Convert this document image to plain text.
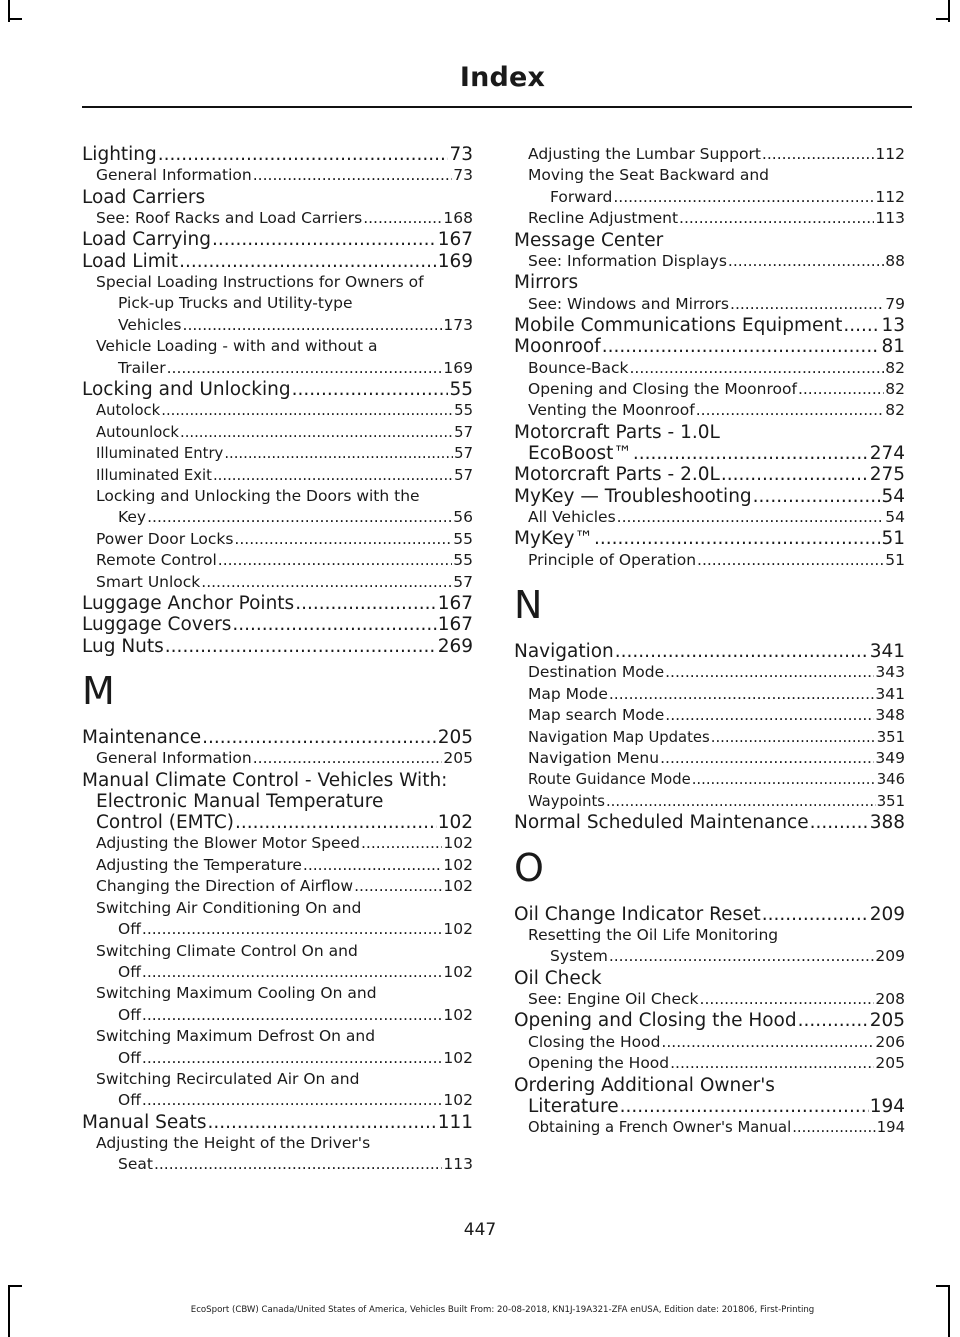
Index
Lighting .....	73
General Information .....	73
Load Carriers
See: Roof Racks and Load Carriers .....	168
Load Carrying .....	167
Load Limit .....	169
Special Loading Instructions for Owners of
Pick-up Trucks and Utility-type
Vehicles .....	173
Vehicle Loading - with and without a
Trailer .....	169
Locking and Unlocking .....	55
Autolock .....	55
Autounlock .....	57
Illuminated Entry .....	57
Illuminated Exit .....	57
Locking and Unlocking the Doors with the
Key .....	56
Power Door Locks .....	55
Remote Control .....	55
Smart Unlock .....	57
Luggage Anchor Points .....	167
Luggage Covers .....	167
Lug Nuts .....	269
M
Maintenance .....	205
General Information .....	205
Manual Climate Control - Vehicles With:
Electronic Manual Temperature
Control (EMTC) .....	102
Adjusting the Blower Motor Speed .....	102
Adjusting the Temperature .....	102
Changing the Direction of Airflow .....	102
Switching Air Conditioning On and
Off .....	102
Switching Climate Control On and
Off .....	102
Switching Maximum Cooling On and
Off .....	102
Switching Maximum Defrost On and
Off .....	102
Switching Recirculated Air On and
Off .....	102
Manual Seats .....	111
Adjusting the Height of the Driver's
Seat .....	113
Adjusting the Lumbar Support .....	112
Moving the Seat Backward and
Forward .....	112
Recline Adjustment .....	113
Message Center
See: Information Displays .....	88
Mirrors
See: Windows and Mirrors .....	79
Mobile Communications Equipment ..... 13
Moonroof .....	81
Bounce-Back .....	82
Opening and Closing the Moonroof .....	82
Venting the Moonroof .....	82
Motorcraft Parts - 1.0L
EcoBoost™ .....	274
Motorcraft Parts - 2.0L .....	275
MyKey — Troubleshooting .....	54
All Vehicles .....	54
MyKey™ .....	51
Principle of Operation .....	51
N
Navigation .....	341
Destination Mode .....	343
Map Mode .....	341
Map search Mode .....	348
Navigation Map Updates .....	351
Navigation Menu .....	349
Route Guidance Mode .....	346
Waypoints .....	351
Normal Scheduled Maintenance .....	388
O
Oil Change Indicator Reset .....	209
Resetting the Oil Life Monitoring
System .....	209
Oil Check
See: Engine Oil Check .....	208
Opening and Closing the Hood .....	205
Closing the Hood .....	206
Opening the Hood .....	205
Ordering Additional Owner's
Literature .....	194
Obtaining a French Owner's Manual .....	194
447
EcoSport (CBW) Canada/United States of America, Vehicles Built From: 20-08-2018, KN1J-19A321-ZFA enUSA, Edition date: 201806, First-Printing
